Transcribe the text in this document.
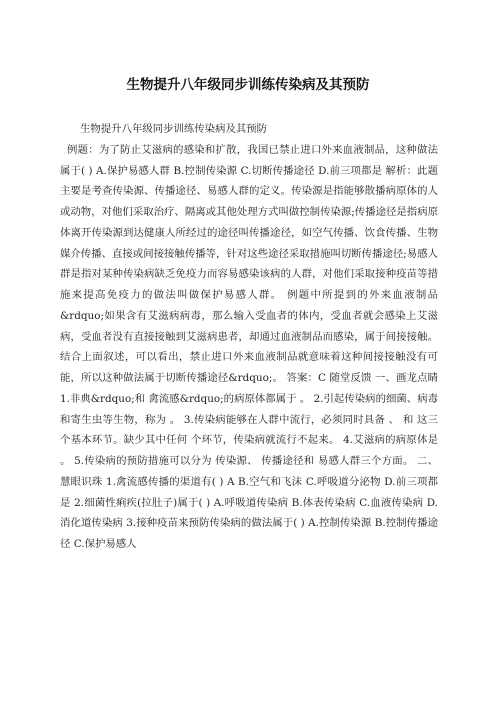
生物提升八年级同步训练传染病及其预防

生物提升八年级同步训练传染病及其预防

例题：为了防止艾滋病的感染和扩散，我国已禁止进口外来血液制品，这种做法属于( ) A.保护易感人群 B.控制传染源 C.切断传播途径 D.前三项都是 解析：此题主要是考查传染源、传播途径、易感人群的定义。传染源是指能够散播病原体的人或动物，对他们采取治疗、隔离或其他处理方式叫做控制传染源;传播途径是指病原体离开传染源到达健康人所经过的途径叫传播途径，如空气传播、饮食传播、生物媒介传播、直接或间接接触传播等，针对这些途径采取措施叫切断传播途径;易感人群是指对某种传染病缺乏免疫力而容易感染该病的人群，对他们采取接种疫苗等措施来提高免疫力的做法叫做保护易感人群。 例题中所提到的外来血液制品&rdquo;如果含有艾滋病病毒，那么输入受血者的体内，受血者就会感染上艾滋病，受血者没有直接接触到艾滋病患者，却通过血液制品而感染，属于间接接触。结合上面叙述，可以看出，禁止进口外来血液制品就意味着这种间接接触没有可能，所以这种做法属于切断传播途径&rdquo;。 答案：C 随堂反馈 一、画龙点睛 1.非典&rdquo;和 禽流感&rdquo;的病原体都属于 。 2.引起传染病的细菌、病毒和寄生虫等生物，称为 。 3.传染病能够在人群中流行，必须同时具备 、 和 这三个基本环节。缺少其中任何 个环节，传染病就流行不起来。 4.艾滋病的病原体是 。 5.传染病的预防措施可以分为 传染源、 传播途径和 易感人群三个方面。 二、慧眼识珠 1.禽流感传播的渠道有( ) A B.空气和飞沫 C.呼吸道分泌物 D.前三项都是 2.细菌性痢疾(拉肚子)属于( ) A.呼吸道传染病 B.体表传染病 C.血液传染病 D.消化道传染病 3.接种疫苗来预防传染病的做法属于( ) A.控制传染源 B.控制传播途径 C.保护易感人
